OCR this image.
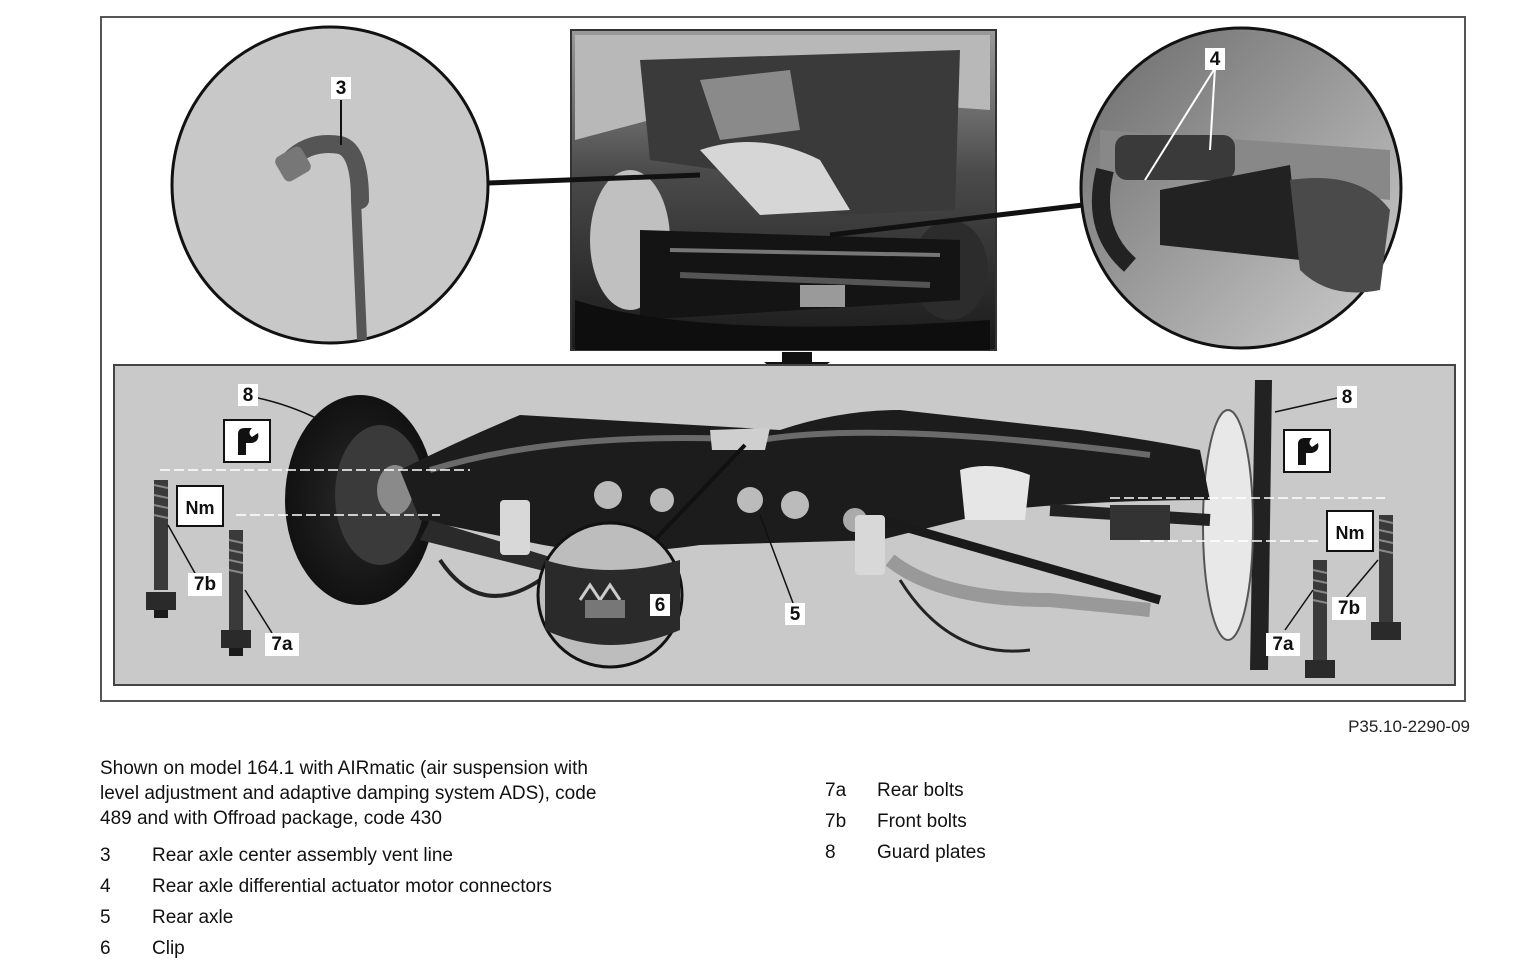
3
4
8	8
6	5
7b
7a
7b
7a
Nm
Nm
P35.10-2290-09
Shown on model 164.1 with AIRmatic (air suspension with level adjustment and adaptive damping system ADS), code 489 and with Offroad package, code 430
3	Rear axle center assembly vent line
4	Rear axle differential actuator motor connectors
5	Rear axle
6	Clip
7a	Rear bolts
7b	Front bolts
8	Guard plates
